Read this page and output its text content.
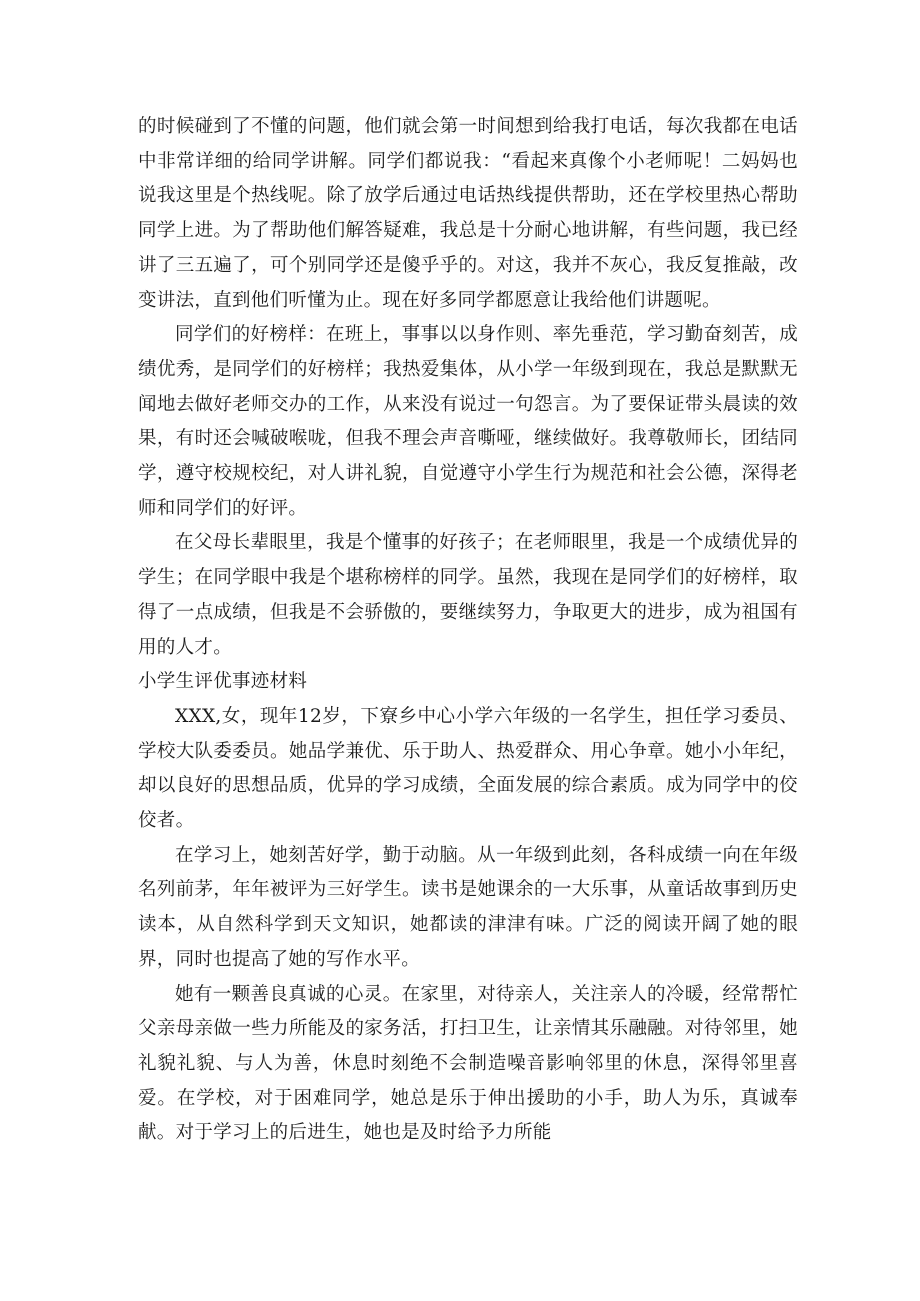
的时候碰到了不懂的问题，他们就会第一时间想到给我打电话，每次我都在电话中非常详细的给同学讲解。同学们都说我：“看起来真像个小老师呢！二妈妈也说我这里是个热线呢。除了放学后通过电话热线提供帮助，还在学校里热心帮助同学上进。为了帮助他们解答疑难，我总是十分耐心地讲解，有些问题，我已经讲了三五遍了，可个别同学还是傻乎乎的。对这，我并不灰心，我反复推敲，改变讲法，直到他们听懂为止。现在好多同学都愿意让我给他们讲题呢。

同学们的好榜样：在班上，事事以以身作则、率先垂范，学习勤奋刻苦，成绩优秀，是同学们的好榜样；我热爱集体，从小学一年级到现在，我总是默默无闻地去做好老师交办的工作，从来没有说过一句怨言。为了要保证带头晨读的效果，有时还会喊破喉咙，但我不理会声音嘶哑，继续做好。我尊敬师长，团结同学，遵守校规校纪，对人讲礼貌，自觉遵守小学生行为规范和社会公德，深得老师和同学们的好评。

在父母长辈眼里，我是个懂事的好孩子；在老师眼里，我是一个成绩优异的学生；在同学眼中我是个堪称榜样的同学。虽然，我现在是同学们的好榜样，取得了一点成绩，但我是不会骄傲的，要继续努力，争取更大的进步，成为祖国有用的人才。

小学生评优事迹材料

XXX,女，现年12岁，下寮乡中心小学六年级的一名学生，担任学习委员、学校大队委委员。她品学兼优、乐于助人、热爱群众、用心争章。她小小年纪，却以良好的思想品质，优异的学习成绩，全面发展的综合素质。成为同学中的佼佼者。

在学习上，她刻苦好学，勤于动脑。从一年级到此刻，各科成绩一向在年级名列前茅，年年被评为三好学生。读书是她课余的一大乐事，从童话故事到历史读本，从自然科学到天文知识，她都读的津津有味。广泛的阅读开阔了她的眼界，同时也提高了她的写作水平。

她有一颗善良真诚的心灵。在家里，对待亲人，关注亲人的冷暖，经常帮忙父亲母亲做一些力所能及的家务活，打扫卫生，让亲情其乐融融。对待邻里，她礼貌礼貌、与人为善，休息时刻绝不会制造噪音影响邻里的休息，深得邻里喜爱。在学校，对于困难同学，她总是乐于伸出援助的小手，助人为乐，真诚奉献。对于学习上的后进生，她也是及时给予力所能
